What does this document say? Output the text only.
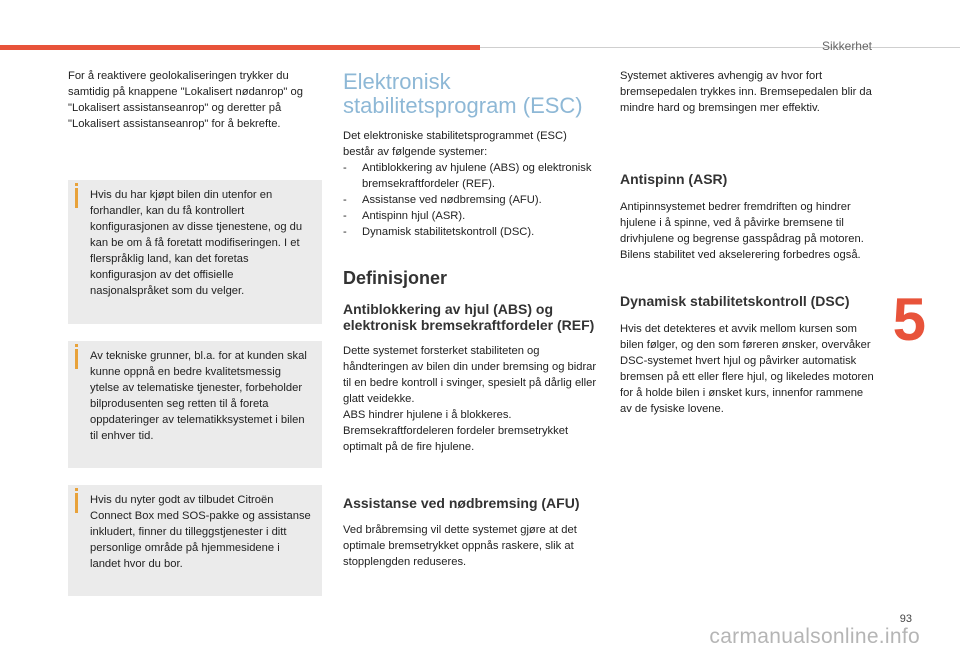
Sikkerhet
5

For å reaktivere geolokaliseringen trykker du samtidig på knappene "Lokalisert nødanrop" og "Lokalisert assistanseanrop" og deretter på "Lokalisert assistanseanrop" for å bekrefte.

Hvis du har kjøpt bilen din utenfor en forhandler, kan du få kontrollert konfigurasjonen av disse tjenestene, og du kan be om å få foretatt modifiseringen. I et flerspråklig land, kan det foretas konfigurasjon av det offisielle nasjonalspråket som du velger.

Av tekniske grunner, bl.a. for at kunden skal kunne oppnå en bedre kvalitetsmessig ytelse av telematiske tjenester, forbeholder bilprodusenten seg retten til å foreta oppdateringer av telematikksystemet i bilen til enhver tid.

Hvis du nyter godt av tilbudet Citroën Connect Box med SOS-pakke og assistanse inkludert, finner du tilleggstjenester i ditt personlige område på hjemmesidene i landet hvor du bor.

Elektronisk stabilitetsprogram (ESC)

Det elektroniske stabilitetsprogrammet (ESC) består av følgende systemer:

- Antiblokkering av hjulene (ABS) og elektronisk bremsekraftfordeler (REF).
- Assistanse ved nødbremsing (AFU).
- Antispinn hjul (ASR).
- Dynamisk stabilitetskontroll (DSC).
Definisjoner
Antiblokkering av hjul (ABS) og elektronisk bremsekraftfordeler (REF)

Dette systemet forsterket stabiliteten og håndteringen av bilen din under bremsing og bidrar til en bedre kontroll i svinger, spesielt på dårlig eller glatt veidekke.

ABS hindrer hjulene i å blokkeres.

Bremsekraftfordeleren fordeler bremsetrykket optimalt på de fire hjulene.

Assistanse ved nødbremsing (AFU)

Ved bråbremsing vil dette systemet gjøre at det optimale bremsetrykket oppnås raskere, slik at stopplengden reduseres.

Systemet aktiveres avhengig av hvor fort bremsepedalen trykkes inn. Bremsepedalen blir da mindre hard og bremsingen mer effektiv.

Antispinn (ASR)

Antipinnsystemet bedrer fremdriften og hindrer hjulene i å spinne, ved å påvirke bremsene til drivhjulene og begrense gasspådrag på motoren. Bilens stabilitet ved akselerering forbedres også.

Dynamisk stabilitetskontroll (DSC)

Hvis det detekteres et avvik mellom kursen som bilen følger, og den som føreren ønsker, overvåker DSC-systemet hvert hjul og påvirker automatisk bremsen på ett eller flere hjul, og likeledes motoren for å holde bilen i ønsket kurs, innenfor rammene av de fysiske lovene.

93
carmanualsonline.info
